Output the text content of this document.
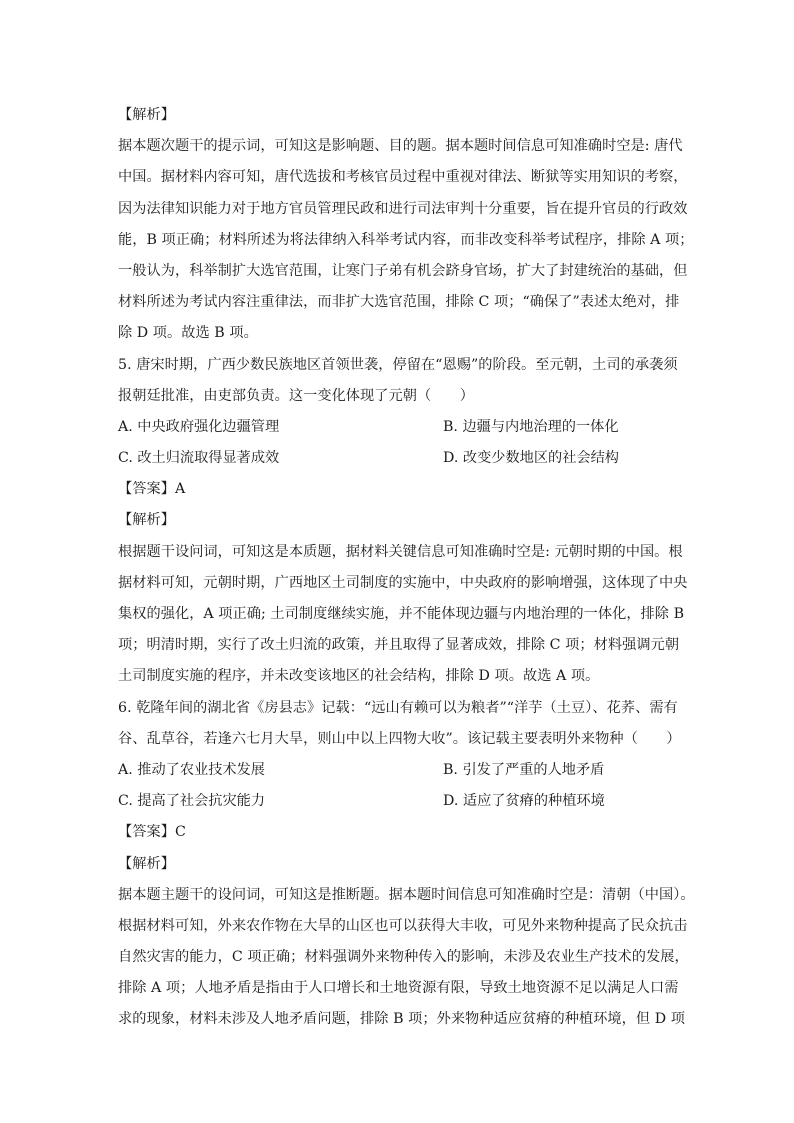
【解析】
据本题次题干的提示词，可知这是影响题、目的题。据本题时间信息可知准确时空是: 唐代
中国。据材料内容可知，唐代选拔和考核官员过程中重视对律法、断狱等实用知识的考察，
因为法律知识能力对于地方官员管理民政和进行司法审判十分重要，旨在提升官员的行政效
能，B 项正确；材料所述为将法律纳入科举考试内容，而非改变科举考试程序，排除 A 项；
一般认为，科举制扩大选官范围，让寒门子弟有机会跻身官场，扩大了封建统治的基础，但
材料所述为考试内容注重律法，而非扩大选官范围，排除 C 项；“确保了”表述太绝对，排
除 D 项。故选 B 项。
5. 唐宋时期，广西少数民族地区首领世袭，停留在“恩赐”的阶段。至元朝，土司的承袭须
报朝廷批准，由吏部负责。这一变化体现了元朝（　　）
A. 中央政府强化边疆管理	B. 边疆与内地治理的一体化
C. 改土归流取得显著成效	D. 改变少数地区的社会结构
【答案】A
【解析】
根据题干设问词，可知这是本质题，据材料关键信息可知准确时空是: 元朝时期的中国。根
据材料可知，元朝时期，广西地区土司制度的实施中，中央政府的影响增强，这体现了中央
集权的强化，A 项正确; 土司制度继续实施，并不能体现边疆与内地治理的一体化，排除 B
项；明清时期，实行了改土归流的政策，并且取得了显著成效，排除 C 项；材料强调元朝
土司制度实施的程序，并未改变该地区的社会结构，排除 D 项。故选 A 项。
6. 乾隆年间的湖北省《房县志》记载：“远山有赖可以为粮者”“洋芋（土豆）、花荞、需有
谷、乱草谷，若逢六七月大旱，则山中以上四物大收”。该记载主要表明外来物种（　　）
A. 推动了农业技术发展	B. 引发了严重的人地矛盾
C. 提高了社会抗灾能力	D. 适应了贫瘠的种植环境
【答案】C
【解析】
据本题主题干的设问词，可知这是推断题。据本题时间信息可知准确时空是：清朝（中国）。
根据材料可知，外来农作物在大旱的山区也可以获得大丰收，可见外来物种提高了民众抗击
自然灾害的能力，C 项正确；材料强调外来物种传入的影响，未涉及农业生产技术的发展，
排除 A 项；人地矛盾是指由于人口增长和土地资源有限，导致土地资源不足以满足人口需
求的现象，材料未涉及人地矛盾问题，排除 B 项；外来物种适应贫瘠的种植环境，但 D 项
